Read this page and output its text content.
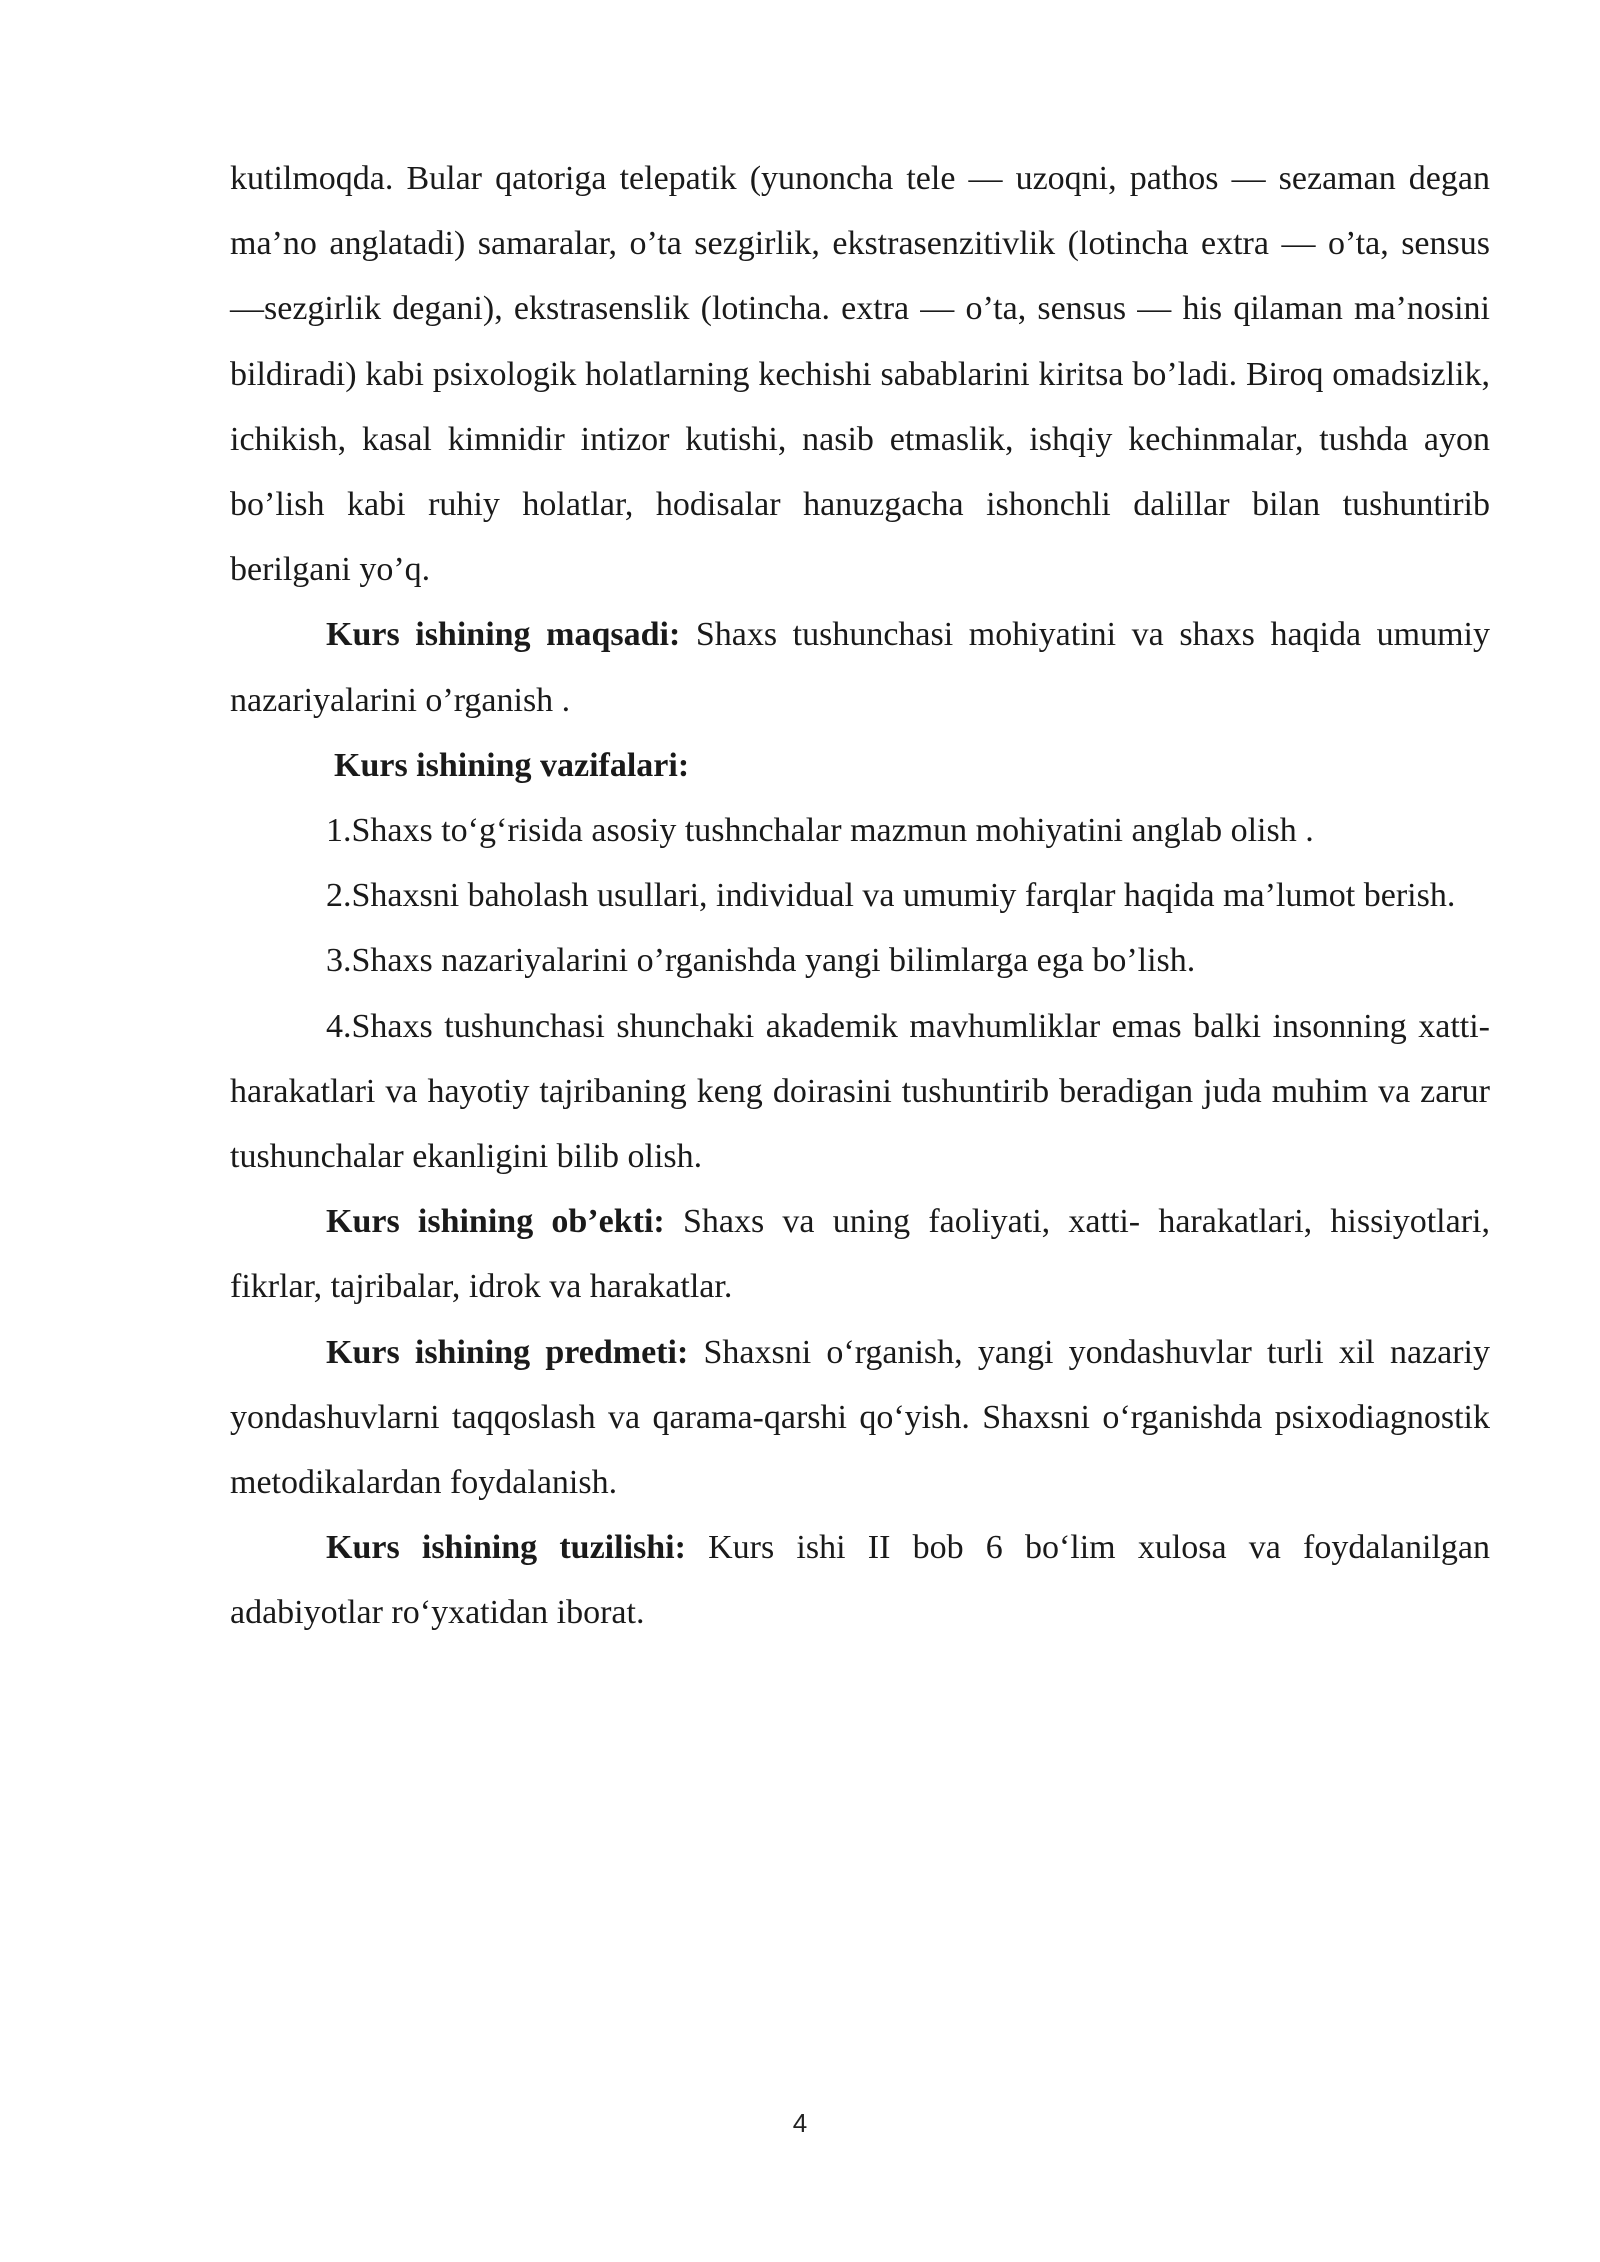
kutilmoqda. Bular qatoriga telepatik (yunoncha tele — uzoqni, pathos — sezaman degan ma’no anglatadi) samaralar, o’ta sezgirlik, ekstrasenzitivlik (lotincha extra — o’ta, sensus —sezgirlik degani), ekstrasenslik (lotincha. extra — o’ta, sensus — his qilaman ma’nosini bildiradi) kabi psixologik holatlarning kechishi sabablarini kiritsa bo’ladi. Biroq omadsizlik, ichikish, kasal kimnidir intizor kutishi, nasib etmaslik, ishqiy kechinmalar, tushda ayon bo’lish kabi ruhiy holatlar, hodisalar hanuzgacha ishonchli dalillar bilan tushuntirib berilgani yo’q.

Kurs ishining maqsadi: Shaxs tushunchasi mohiyatini va shaxs haqida umumiy nazariyalarini o’rganish .

Kurs ishining vazifalari:

1.Shaxs to‘g‘risida asosiy tushnchalar mazmun mohiyatini anglab olish .

2.Shaxsni baholash usullari, individual va umumiy farqlar haqida ma’lumot berish.

3.Shaxs nazariyalarini o’rganishda yangi bilimlarga ega bo’lish.

4.Shaxs tushunchasi shunchaki akademik mavhumliklar emas balki insonning xatti-harakatlari va hayotiy tajribaning keng doirasini tushuntirib beradigan juda muhim va zarur tushunchalar ekanligini bilib olish.

Kurs ishining ob’ekti: Shaxs va uning faoliyati, xatti- harakatlari, hissiyotlari, fikrlar, tajribalar, idrok va harakatlar.

Kurs ishining predmeti: Shaxsni o‘rganish, yangi yondashuvlar turli xil nazariy yondashuvlarni taqqoslash va qarama-qarshi qo‘yish. Shaxsni o‘rganishda psixodiagnostik metodikalardan foydalanish.

Kurs ishining tuzilishi: Kurs ishi II bob 6 bo‘lim xulosa va foydalanilgan adabiyotlar ro‘yxatidan iborat.

4
